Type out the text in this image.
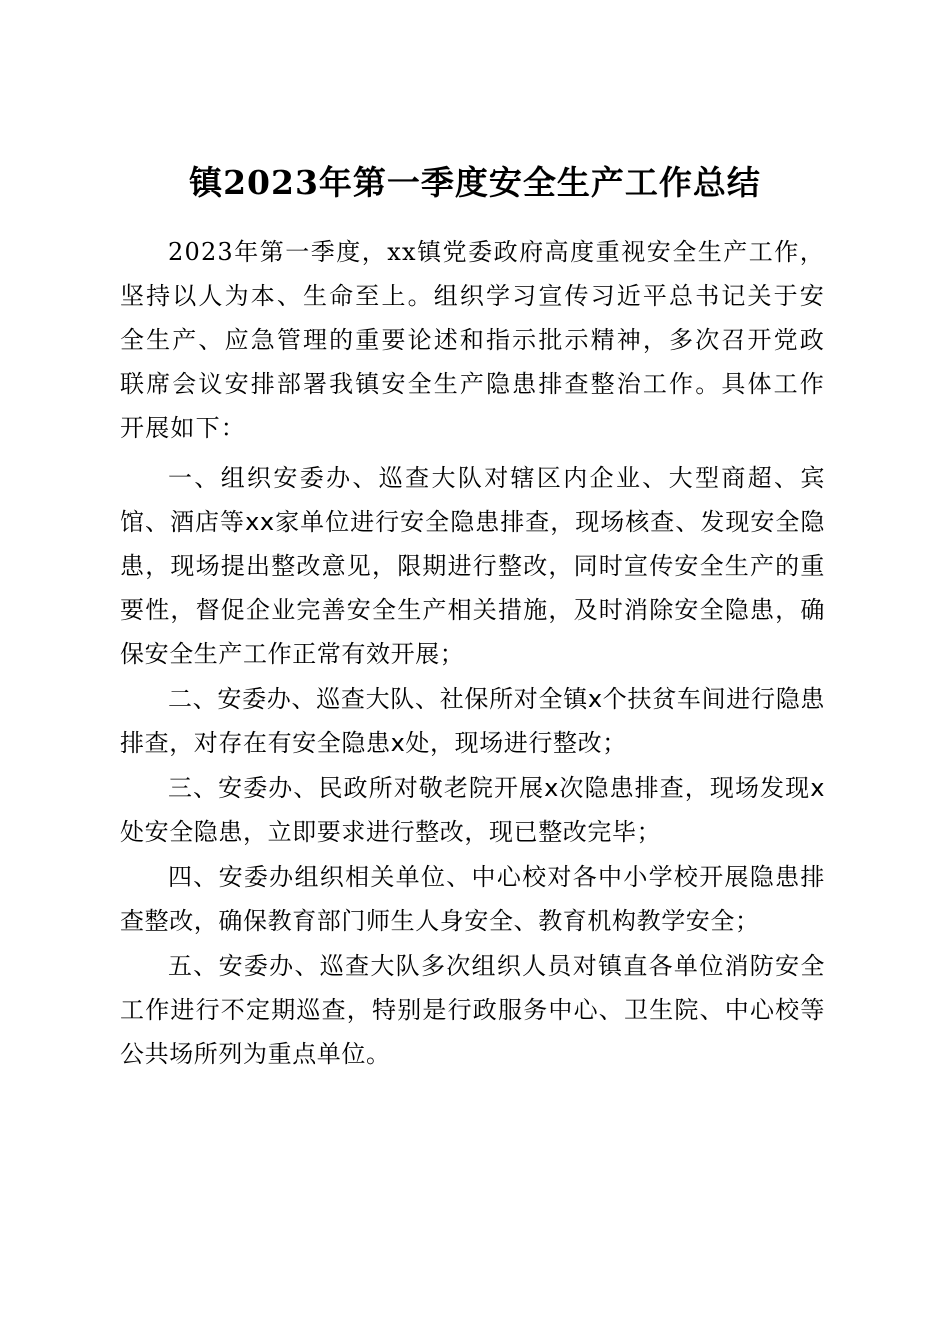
镇2023年第一季度安全生产工作总结

2023年第一季度，xx镇党委政府高度重视安全生产工作，坚持以人为本、生命至上。组织学习宣传习近平总书记关于安全生产、应急管理的重要论述和指示批示精神，多次召开党政联席会议安排部署我镇安全生产隐患排查整治工作。具体工作开展如下：

一、组织安委办、巡查大队对辖区内企业、大型商超、宾馆、酒店等xx家单位进行安全隐患排查，现场核查、发现安全隐患，现场提出整改意见，限期进行整改，同时宣传安全生产的重要性，督促企业完善安全生产相关措施，及时消除安全隐患，确保安全生产工作正常有效开展；

二、安委办、巡查大队、社保所对全镇x个扶贫车间进行隐患排查，对存在有安全隐患x处，现场进行整改；

三、安委办、民政所对敬老院开展x次隐患排查，现场发现x处安全隐患，立即要求进行整改，现已整改完毕；

四、安委办组织相关单位、中心校对各中小学校开展隐患排查整改，确保教育部门师生人身安全、教育机构教学安全；

五、安委办、巡查大队多次组织人员对镇直各单位消防安全工作进行不定期巡查，特别是行政服务中心、卫生院、中心校等公共场所列为重点单位。
